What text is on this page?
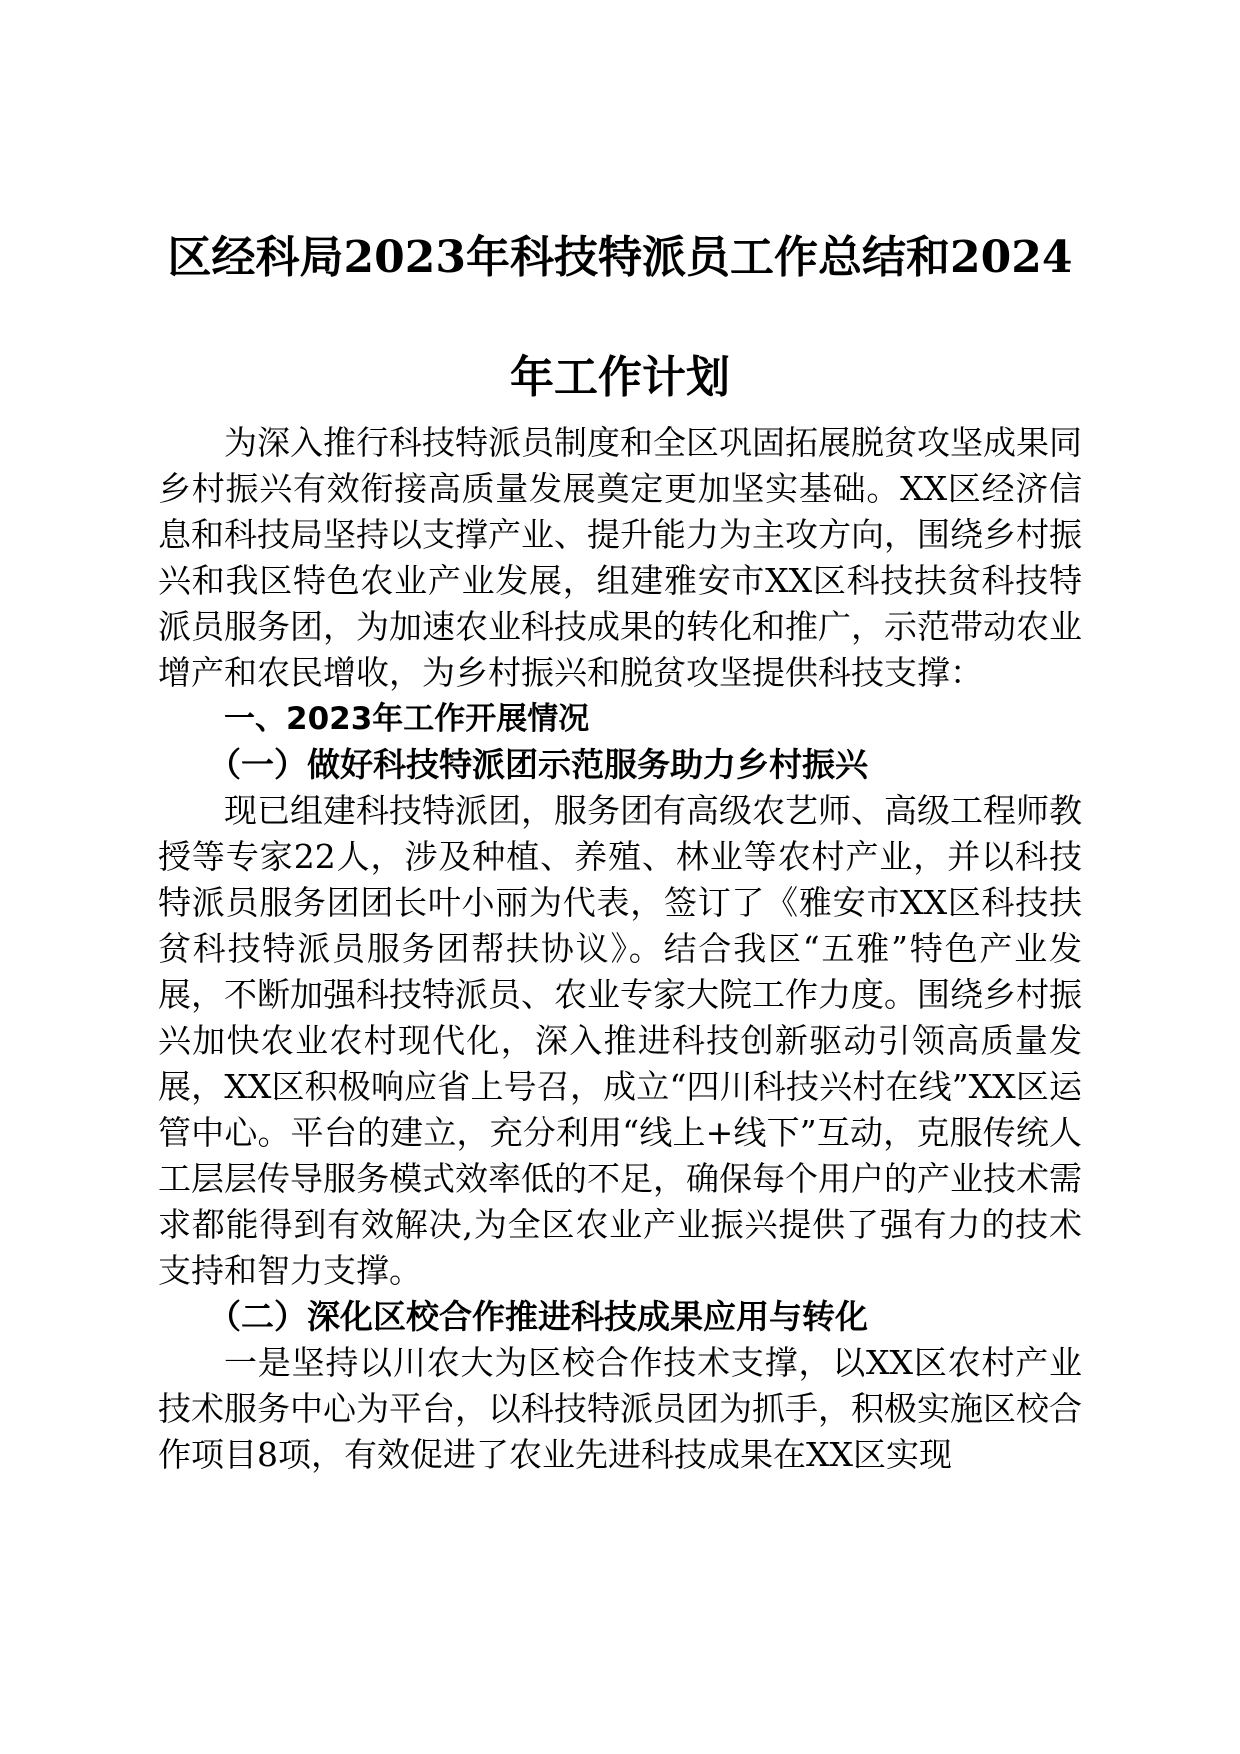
区经科局2023年科技特派员工作总结和2024
年工作计划

为深入推行科技特派员制度和全区巩固拓展脱贫攻坚成果同乡村振兴有效衔接高质量发展奠定更加坚实基础。XX区经济信息和科技局坚持以支撑产业、提升能力为主攻方向，围绕乡村振兴和我区特色农业产业发展，组建雅安市XX区科技扶贫科技特派员服务团，为加速农业科技成果的转化和推广，示范带动农业增产和农民增收，为乡村振兴和脱贫攻坚提供科技支撑：

一、2023年工作开展情况

（一）做好科技特派团示范服务助力乡村振兴

现已组建科技特派团，服务团有高级农艺师、高级工程师教授等专家22人，涉及种植、养殖、林业等农村产业，并以科技特派员服务团团长叶小丽为代表，签订了《雅安市XX区科技扶贫科技特派员服务团帮扶协议》。结合我区“五雅”特色产业发展，不断加强科技特派员、农业专家大院工作力度。围绕乡村振兴加快农业农村现代化，深入推进科技创新驱动引领高质量发展，XX区积极响应省上号召，成立“四川科技兴村在线”XX区运管中心。平台的建立，充分利用“线上+线下”互动，克服传统人工层层传导服务模式效率低的不足，确保每个用户的产业技术需求都能得到有效解决,为全区农业产业振兴提供了强有力的技术支持和智力支撑。

（二）深化区校合作推进科技成果应用与转化

一是坚持以川农大为区校合作技术支撑，以XX区农村产业技术服务中心为平台，以科技特派员团为抓手，积极实施区校合作项目8项，有效促进了农业先进科技成果在XX区实现
